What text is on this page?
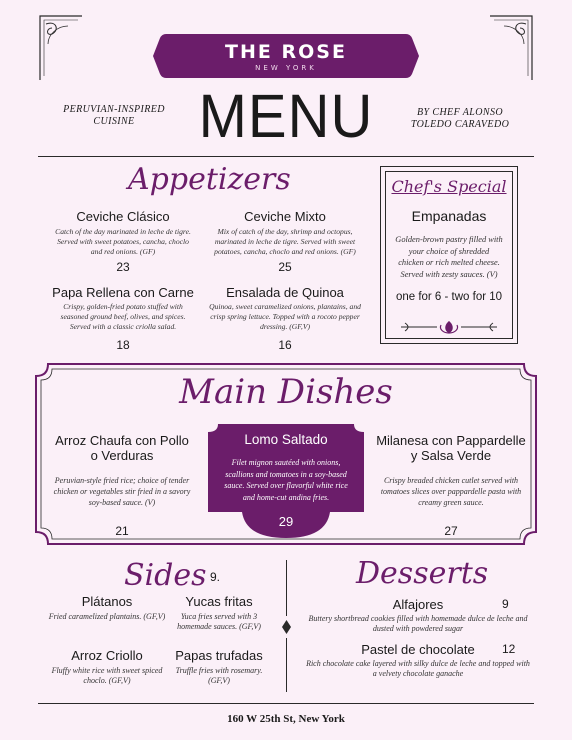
THE ROSE
NEW YORK
PERUVIAN-INSPIRED CUISINE	MENU	BY CHEF ALONSO
TOLEDO CARAVEDO
Appetizers
Ceviche Clásico
Catch of the day marinated in leche de tigre. Served with sweet potatoes, cancha, choclo and red onions. (GF)
23
Ceviche Mixto
Mix of catch of the day, shrimp and octopus, marinated in leche de tigre. Served with sweet potatoes, cancha, choclo and red onions. (GF)
25
Papa Rellena con Carne
Crispy, golden-fried potato stuffed with seasoned ground beef, olives, and spices. Served with a classic criolla salad.
18
Ensalada de Quinoa
Quinoa, sweet caramelized onions, plantains, and crisp spring lettuce. Topped with a rocoto pepper dressing. (GF,V)
16
Chef's Special
Empanadas
Golden-brown pastry filled with your choice of shredded chicken or rich melted cheese. Served with zesty sauces. (V)
one for 6 - two for 10
Main Dishes
Arroz Chaufa con Pollo o Verduras
Peruvian-style fried rice; choice of tender chicken or vegetables stir fried in a savory soy-based sauce. (V)
21
Lomo Saltado
Filet mignon sautéed with onions, scallions and tomatoes in a soy-based sauce. Served over flavorful white rice and home-cut andina fries.
29
Milanesa con Pappardelle y Salsa Verde
Crispy breaded chicken cutlet served with tomatoes slices over pappardelle pasta with creamy green sauce.
27
Sides 9.
Plátanos
Fried caramelized plantains. (GF,V)
Yucas fritas
Yuca fries served with 3 homemade sauces. (GF,V)
Arroz Criollo
Fluffy white rice with sweet spiced choclo. (GF,V)
Papas trufadas
Truffle fries with rosemary. (GF,V)
Desserts
Alfajores
Buttery shortbread cookies filled with homemade dulce de leche and dusted with powdered sugar
9
Pastel de chocolate
Rich chocolate cake layered with silky dulce de leche and topped with a velvety chocolate ganache
12
160 W 25th St, New York
